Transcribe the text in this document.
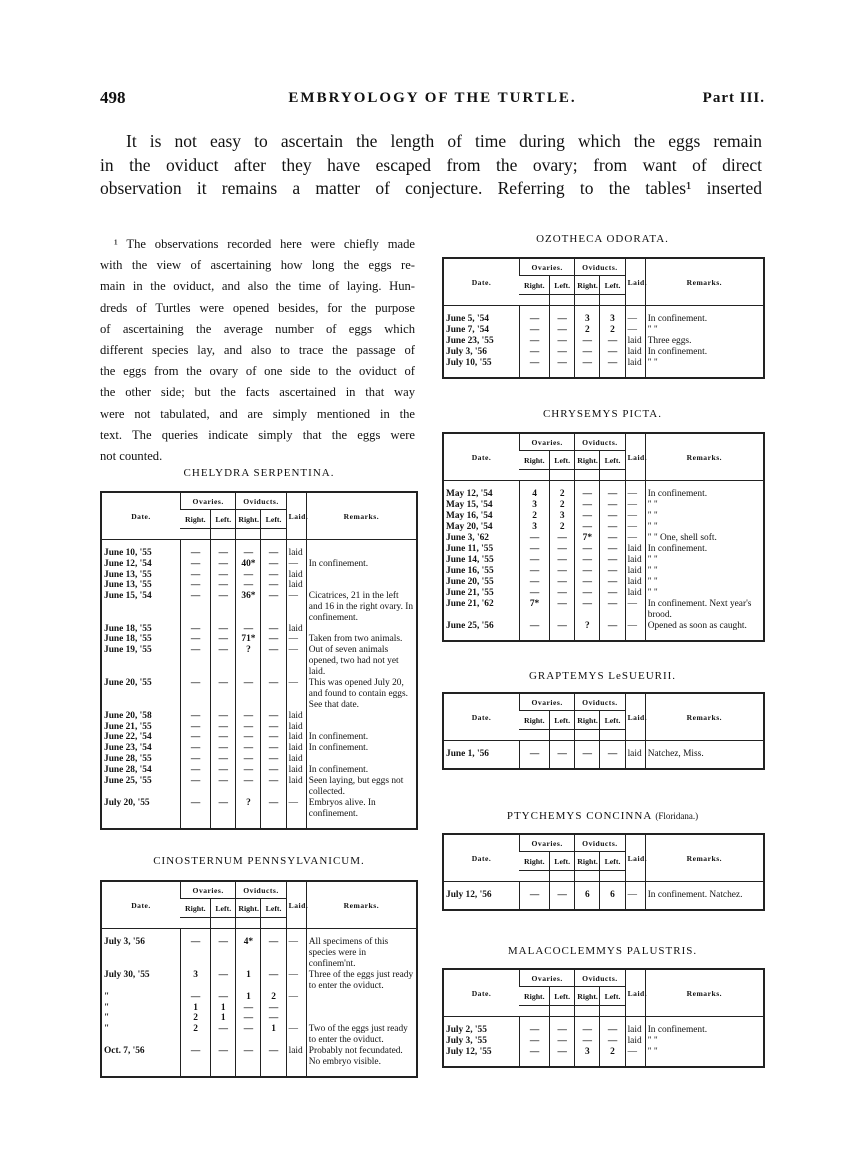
498	EMBRYOLOGY OF THE TURTLE.	Part III.
It is not easy to ascertain the length of time during which the eggs remain
in the oviduct after they have escaped from the ovary; from want of direct
observation it remains a matter of conjecture. Referring to the tables¹ inserted
¹ The observations recorded here were chiefly made
with the view of ascertaining how long the eggs re-
main in the oviduct, and also the time of laying. Hun-
dreds of Turtles were opened besides, for the purpose
of ascertaining the average number of eggs which
different species lay, and also to trace the passage of
the eggs from the ovary of one side to the oviduct of
the other side; but the facts ascertained in that way
were not tabulated, and are simply mentioned in the
text. The queries indicate simply that the eggs were
not counted.
CHELYDRA SERPENTINA.
CINOSTERNUM PENNSYLVANICUM.
OZOTHECA ODORATA.
CHRYSEMYS PICTA.
GRAPTEMYS LeSUEURII.
PTYCHEMYS CONCINNA (Floridana.)
MALACOCLEMMYS PALUSTRIS.
Date.	Ovaries.		Oviducts.		Laid.	Remarks.
	Right.	Left.	Right.	Left.		

June 10, '55	—	—	—	—	laid	
June 12, '54	—	—	40*	—	—	In confinement.
June 13, '55	—	—	—	—	laid	
June 13, '55	—	—	—	—	laid	
June 15, '54	—	—	36*	—	—	Cicatrices, 21 in the left and 16 in the right ovary. In confinement.
June 18, '55	—	—	—	—	laid	
June 18, '55	—	—	71*	—	—	Taken from two animals.
June 19, '55	—	—	?	—	—	Out of seven animals opened, two had not yet laid.
June 20, '55	—	—	—	—	—	This was opened July 20, and found to contain eggs. See that date.
June 20, '58	—	—	—	—	laid	
June 21, '55	—	—	—	—	laid	
June 22, '54	—	—	—	—	laid	In confinement.
June 23, '54	—	—	—	—	laid	In confinement.
June 28, '55	—	—	—	—	laid	
June 28, '54	—	—	—	—	laid	In confinement.
June 25, '55	—	—	—	—	laid	Seen laying, but eggs not collected.
July 20, '55	—	—	?	—	—	Embryos alive. In confinement.

Date.	Ovaries.		Oviducts.		Laid.	Remarks.
	Right.	Left.	Right.	Left.		

July 3, '56	—	—	4*	—	—	All specimens of this species were in confinem'nt.
July 30, '55	3	—	1	—	—	Three of the eggs just ready to enter the oviduct.
"	—	—	1	2	—	
"	1	1	—	—		
"	2	1	—	—		
"	2	—	—	1	—	Two of the eggs just ready to enter the oviduct.
Oct. 7, '56	—	—	—	—	laid	Probably not fecundated. No embryo visible.

Date.	Ovaries.		Oviducts.		Laid.	Remarks.
	Right.	Left.	Right.	Left.		

June 5, '54	—	—	3	3	—	In confinement.
June 7, '54	—	—	2	2	—	" "
June 23, '55	—	—	—	—	laid	Three eggs.
July 3, '56	—	—	—	—	laid	In confinement.
July 10, '55	—	—	—	—	laid	" "

Date.	Ovaries.		Oviducts.		Laid.	Remarks.
	Right.	Left.	Right.	Left.		

May 12, '54	4	2	—	—	—	In confinement.
May 15, '54	3	2	—	—	—	" "
May 16, '54	2	3	—	—	—	" "
May 20, '54	3	2	—	—	—	" "
June 3, '62	—	—	7*	—	—	" " One, shell soft.
June 11, '55	—	—	—	—	laid	In confinement.
June 14, '55	—	—	—	—	laid	" "
June 16, '55	—	—	—	—	laid	" "
June 20, '55	—	—	—	—	laid	" "
June 21, '55	—	—	—	—	laid	" "
June 21, '62	7*	—	—	—	—	In confinement. Next year's brood.
June 25, '56	—	—	?	—	—	Opened as soon as caught.

Date.	Ovaries.		Oviducts.		Laid.	Remarks.
	Right.	Left.	Right.	Left.		

June 1, '56	—	—	—	—	laid	Natchez, Miss.

Date.	Ovaries.		Oviducts.		Laid.	Remarks.
	Right.	Left.	Right.	Left.		

July 12, '56	—	—	6	6	—	In confinement. Natchez.

Date.	Ovaries.		Oviducts.		Laid.	Remarks.
	Right.	Left.	Right.	Left.		

July 2, '55	—	—	—	—	laid	In confinement.
July 3, '55	—	—	—	—	laid	" "
July 12, '55	—	—	3	2	—	" "
